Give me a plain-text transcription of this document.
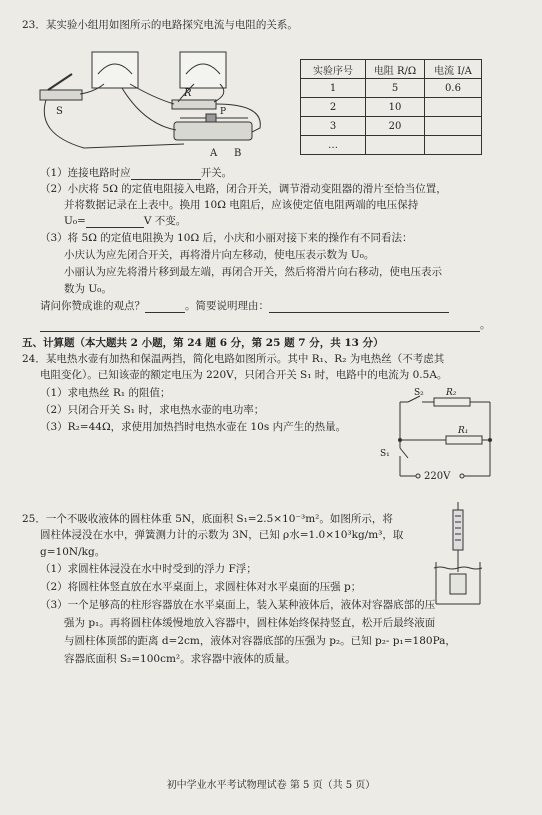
23．某实验小组用如图所示的电路探究电流与电阻的关系。
S
R
P
A B
实验序号	电阻 R/Ω	电流 I/A
1	5	0.6
2	10	
3	20	
…		
（1）连接电路时应	开关。
（2）小庆将 5Ω 的定值电阻接入电路，闭合开关，调节滑动变阻器的滑片至恰当位置，
并将数据记录在上表中。换用 10Ω 电阻后，应该使定值电阻两端的电压保持
U₀=	V 不变。
（3）将 5Ω 的定值电阻换为 10Ω 后，小庆和小丽对接下来的操作有不同看法：
小庆认为应先闭合开关，再将滑片向左移动，使电压表示数为 U₀。
小丽认为应先将滑片移到最左端，再闭合开关，然后将滑片向右移动，使电压表示
数为 U₀。
请问你赞成谁的观点？	。简要说明理由：
。
五、计算题（本大题共 2 小题，第 24 题 6 分，第 25 题 7 分，共 13 分）
24．某电热水壶有加热和保温两挡，简化电路如图所示。其中 R₁、R₂ 为电热丝（不考虑其
电阻变化）。已知该壶的额定电压为 220V，只闭合开关 S₁ 时，电路中的电流为 0.5A。
（1）求电热丝 R₁ 的阻值；
（2）只闭合开关 S₁ 时，求电热水壶的电功率；
（3）R₂=44Ω，求使用加热挡时电热水壶在 10s 内产生的热量。
S₂ R₂
R₁
S₁
220V
25．一个不吸收液体的圆柱体重 5N，底面积 S₁=2.5×10⁻³m²。如图所示，将
圆柱体浸没在水中，弹簧测力计的示数为 3N，已知 ρ水=1.0×10³kg/m³，取
g=10N/kg。
（1）求圆柱体浸没在水中时受到的浮力 F浮；
（2）将圆柱体竖直放在水平桌面上，求圆柱体对水平桌面的压强 p；
（3）一个足够高的柱形容器放在水平桌面上，装入某种液体后，液体对容器底部的压
强为 p₁。再将圆柱体缓慢地放入容器中，圆柱体始终保持竖直，松开后最终液面
与圆柱体顶部的距离 d=2cm，液体对容器底部的压强为 p₂。已知 p₂- p₁=180Pa，
容器底面积 S₂=100cm²。求容器中液体的质量。
初中学业水平考试物理试卷 第 5 页（共 5 页）
